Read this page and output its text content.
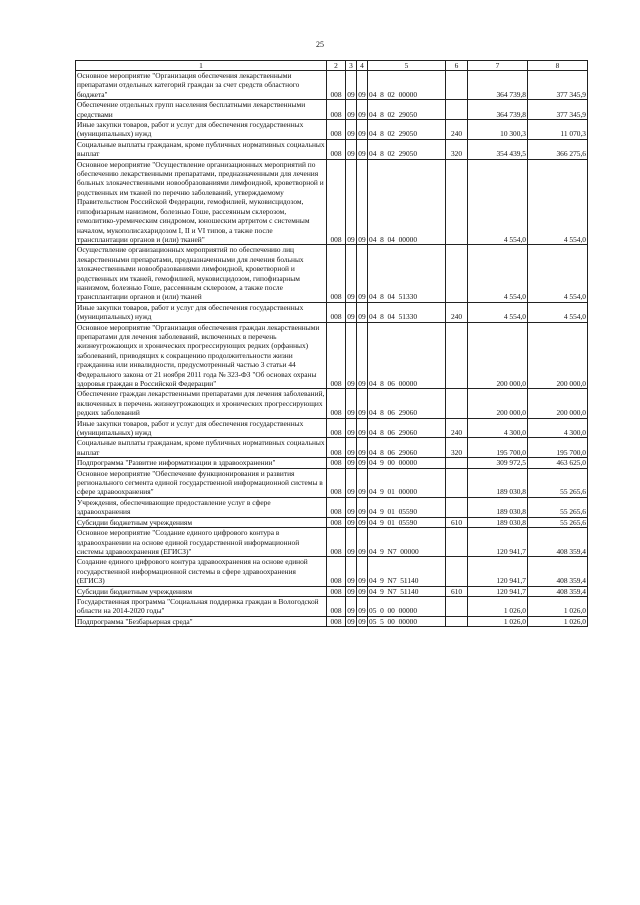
25
1	2	3	4	5	6	7	8
Основное мероприятие "Организация обеспечения лекарственными препаратами отдельных категорий граждан за счет средств областного бюджета"	008	09	09	04  8  02  00000		364 739,8	377 345,9
Обеспечение отдельных групп населения бесплатными лекарственными средствами	008	09	09	04  8  02  29050		364 739,8	377 345,9
Иные закупки товаров, работ и услуг для обеспечения государственных (муниципальных) нужд	008	09	09	04  8  02  29050	240	10 300,3	11 070,3
Социальные выплаты гражданам, кроме публичных нормативных социальных выплат	008	09	09	04  8  02  29050	320	354 439,5	366 275,6
Основное мероприятие "Осуществление организационных мероприятий по обеспечению лекарственными препаратами, предназначенными для лечения больных злокачественными новообразованиями лимфоидной, кроветворной и родственных им тканей по перечню заболеваний, утверждаемому Правительством Российской Федерации, гемофилией, муковисцидозом, гипофизарным нанизмом, болезнью Гоше, рассеянным склерозом, гемолитико-уремическим синдромом, юношеским артритом с системным началом, мукополисахаридозом I, II и VI типов, а также после трансплантации органов и (или) тканей"	008	09	09	04  8  04  00000		4 554,0	4 554,0
Осуществление организационных мероприятий по обеспечению лиц лекарственными препаратами, предназначенными для лечения больных злокачественными новообразованиями лимфоидной, кроветворной и родственных им тканей, гемофилией, муковисцидозом, гипофизарным нанизмом, болезнью Гоше, рассеянным склерозом, а также после трансплантации органов и (или) тканей	008	09	09	04  8  04  51330		4 554,0	4 554,0
Иные закупки товаров, работ и услуг для обеспечения государственных (муниципальных) нужд	008	09	09	04  8  04  51330	240	4 554,0	4 554,0
Основное мероприятие "Организация обеспечения граждан лекарственными препаратами для лечения заболеваний, включенных в перечень жизнеугрожающих и хронических прогрессирующих редких (орфанных) заболеваний, приводящих к сокращению продолжительности жизни гражданина или инвалидности, предусмотренный частью 3 статьи 44 Федерального закона от 21 ноября 2011 года № 323-ФЗ "Об основах охраны здоровья граждан в Российской Федерации"	008	09	09	04  8  06  00000		200 000,0	200 000,0
Обеспечение граждан лекарственными препаратами для лечения заболеваний, включенных в перечень жизнеугрожающих и хронических прогрессирующих редких заболеваний	008	09	09	04  8  06  29060		200 000,0	200 000,0
Иные закупки товаров, работ и услуг для обеспечения государственных (муниципальных) нужд	008	09	09	04  8  06  29060	240	4 300,0	4 300,0
Социальные выплаты гражданам, кроме публичных нормативных социальных выплат	008	09	09	04  8  06  29060	320	195 700,0	195 700,0
Подпрограмма "Развитие информатизации в здравоохранении"	008	09	09	04  9  00  00000		309 972,5	463 625,0
Основное мероприятие "Обеспечение функционирования и развития регионального сегмента единой государственной информационной системы в сфере здравоохранения"	008	09	09	04  9  01  00000		189 030,8	55 265,6
Учреждения, обеспечивающие предоставление услуг в сфере здравоохранения	008	09	09	04  9  01  05590		189 030,8	55 265,6
Субсидии бюджетным учреждениям	008	09	09	04  9  01  05590	610	189 030,8	55 265,6
Основное мероприятие "Создание единого цифрового контура в здравоохранении на основе единой государственной информационной системы здравоохранения (ЕГИСЗ)"	008	09	09	04  9  N7  00000		120 941,7	408 359,4
Создание единого цифрового контура здравоохранения на основе единой государственной информационной системы в сфере здравоохранения (ЕГИСЗ)	008	09	09	04  9  N7  51140		120 941,7	408 359,4
Субсидии бюджетным учреждениям	008	09	09	04  9  N7  51140	610	120 941,7	408 359,4
Государственная программа "Социальная поддержка граждан в Вологодской области на 2014-2020 годы"	008	09	09	05  0  00  00000		1 026,0	1 026,0
Подпрограмма "Безбарьерная среда"	008	09	09	05  5  00  00000		1 026,0	1 026,0
